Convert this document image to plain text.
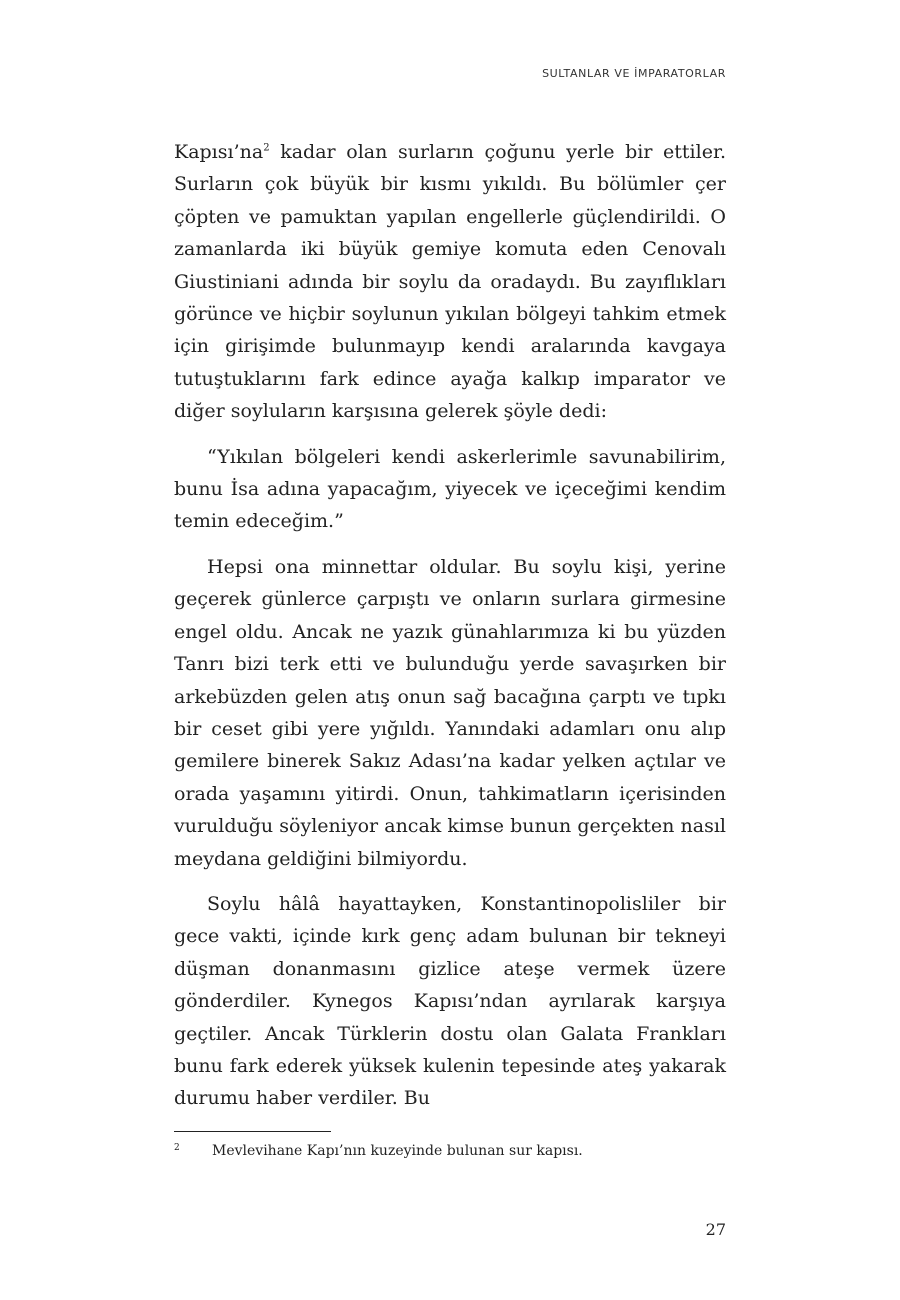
SULTANLAR VE İMPARATORLAR

Kapısı’na$^2$ kadar olan surların çoğunu yerle bir ettiler. Surların çok büyük bir kısmı yıkıldı. Bu bölümler çer çöpten ve pamuktan yapılan engellerle güçlendirildi. O zamanlarda iki büyük gemiye komuta eden Cenovalı Giustiniani adında bir soylu da oradaydı. Bu zayıflıkları görünce ve hiçbir soylunun yıkılan bölgeyi tahkim etmek için girişimde bulunmayıp kendi aralarında kavgaya tutuştuklarını fark edince ayağa kalkıp imparator ve diğer soyluların karşısına gelerek şöyle dedi:

“Yıkılan bölgeleri kendi askerlerimle savunabilirim, bunu İsa adına yapacağım, yiyecek ve içeceğimi kendim temin edeceğim.”

Hepsi ona minnettar oldular. Bu soylu kişi, yerine geçerek günlerce çarpıştı ve onların surlara girmesine engel oldu. Ancak ne yazık günahlarımıza ki bu yüzden Tanrı bizi terk etti ve bulunduğu yerde savaşırken bir arkebüzden gelen atış onun sağ bacağına çarptı ve tıpkı bir ceset gibi yere yığıldı. Yanındaki adamları onu alıp gemilere binerek Sakız Adası’na kadar yelken açtılar ve orada yaşamını yitirdi. Onun, tahkimatların içerisinden vurulduğu söyleniyor ancak kimse bunun gerçekten nasıl meydana geldiğini bilmiyordu.

Soylu hâlâ hayattayken, Konstantinopolisliler bir gece vakti, içinde kırk genç adam bulunan bir tekneyi düşman donanmasını gizlice ateşe vermek üzere gönderdiler. Kynegos Kapısı’ndan ayrılarak karşıya geçtiler. Ancak Türklerin dostu olan Galata Frankları bunu fark ederek yüksek kulenin tepesinde ateş yakarak durumu haber verdiler. Bu

2 Mevlevihane Kapı’nın kuzeyinde bulunan sur kapısı.
27
